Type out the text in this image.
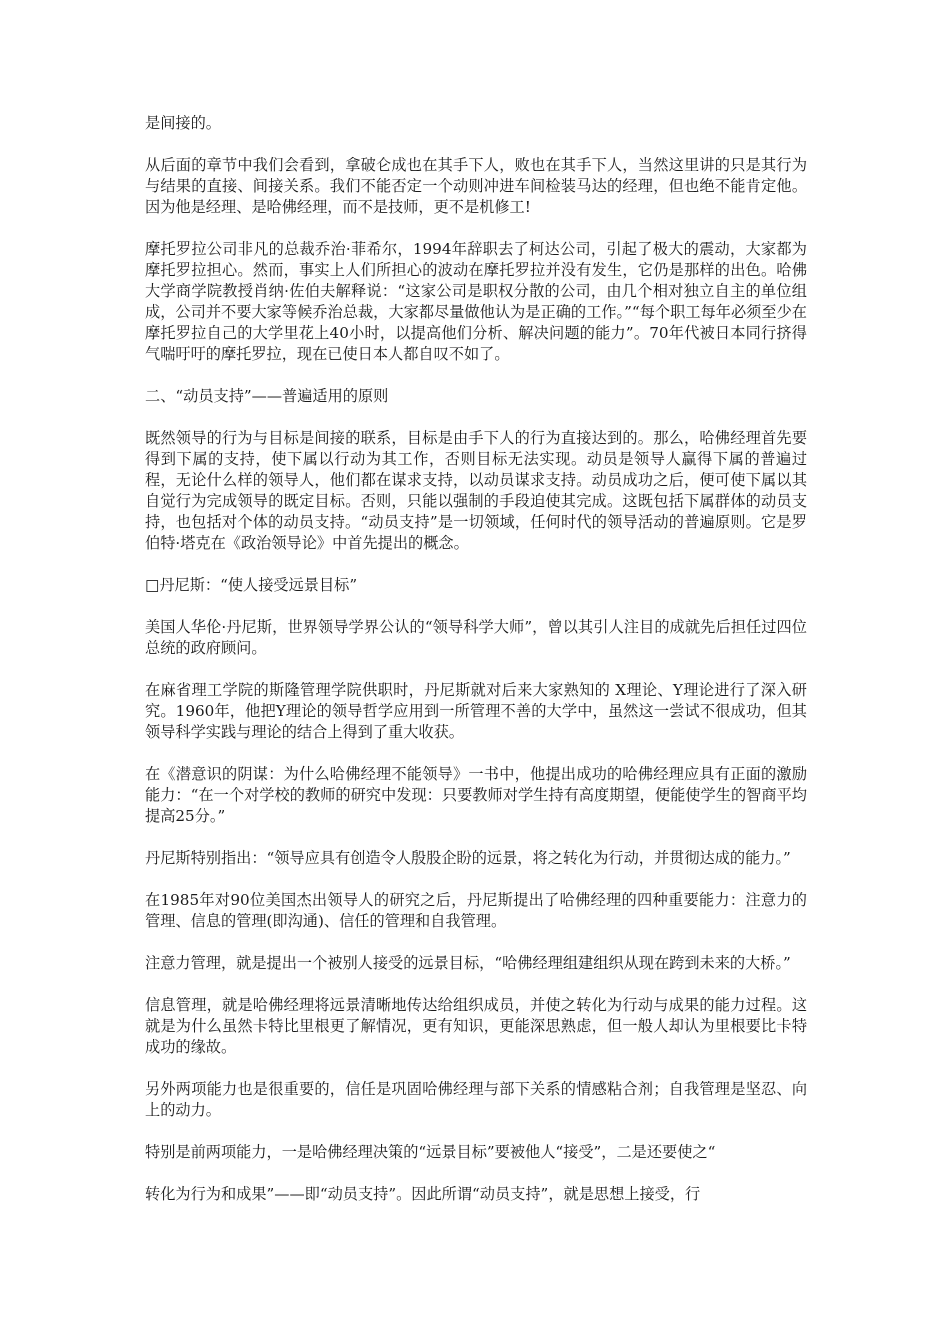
是间接的。

从后面的章节中我们会看到，拿破仑成也在其手下人，败也在其手下人，当然这里讲的只是其行为与结果的直接、间接关系。我们不能否定一个动则冲进车间检装马达的经理，但也绝不能肯定他。因为他是经理、是哈佛经理，而不是技师，更不是机修工!

摩托罗拉公司非凡的总裁乔治·菲希尔，1994年辞职去了柯达公司，引起了极大的震动，大家都为摩托罗拉担心。然而，事实上人们所担心的波动在摩托罗拉并没有发生，它仍是那样的出色。哈佛大学商学院教授肖纳·佐伯夫解释说：“这家公司是职权分散的公司，由几个相对独立自主的单位组成，公司并不要大家等候乔治总裁，大家都尽量做他认为是正确的工作。”“每个职工每年必须至少在摩托罗拉自己的大学里花上40小时，以提高他们分析、解决问题的能力”。70年代被日本同行挤得气喘吁吁的摩托罗拉，现在已使日本人都自叹不如了。

二、“动员支持”——普遍适用的原则

既然领导的行为与目标是间接的联系，目标是由手下人的行为直接达到的。那么，哈佛经理首先要得到下属的支持，使下属以行动为其工作，否则目标无法实现。动员是领导人赢得下属的普遍过程，无论什么样的领导人，他们都在谋求支持，以动员谋求支持。动员成功之后，便可使下属以其自觉行为完成领导的既定目标。否则，只能以强制的手段迫使其完成。这既包括下属群体的动员支持，也包括对个体的动员支持。“动员支持”是一切领域，任何时代的领导活动的普遍原则。它是罗伯特·塔克在《政治领导论》中首先提出的概念。

□丹尼斯：“使人接受远景目标”

美国人华伦·丹尼斯，世界领导学界公认的“领导科学大师”，曾以其引人注目的成就先后担任过四位总统的政府顾问。

在麻省理工学院的斯隆管理学院供职时，丹尼斯就对后来大家熟知的 X理论、Y理论进行了深入研究。1960年，他把Y理论的领导哲学应用到一所管理不善的大学中，虽然这一尝试不很成功，但其领导科学实践与理论的结合上得到了重大收获。

在《潜意识的阴谋：为什么哈佛经理不能领导》一书中，他提出成功的哈佛经理应具有正面的激励能力：“在一个对学校的教师的研究中发现：只要教师对学生持有高度期望，便能使学生的智商平均提高25分。”

丹尼斯特别指出：“领导应具有创造令人殷股企盼的远景，将之转化为行动，并贯彻达成的能力。”

在1985年对90位美国杰出领导人的研究之后，丹尼斯提出了哈佛经理的四种重要能力：注意力的管理、信息的管理(即沟通)、信任的管理和自我管理。

注意力管理，就是提出一个被别人接受的远景目标，“哈佛经理组建组织从现在跨到未来的大桥。”

信息管理，就是哈佛经理将远景清晰地传达给组织成员，并使之转化为行动与成果的能力过程。这就是为什么虽然卡特比里根更了解情况，更有知识，更能深思熟虑，但一般人却认为里根要比卡特成功的缘故。

另外两项能力也是很重要的，信任是巩固哈佛经理与部下关系的情感粘合剂；自我管理是坚忍、向上的动力。

特别是前两项能力，一是哈佛经理决策的“远景目标”要被他人“接受”，二是还要使之“

转化为行为和成果”——即“动员支持”。因此所谓“动员支持”，就是思想上接受，行
